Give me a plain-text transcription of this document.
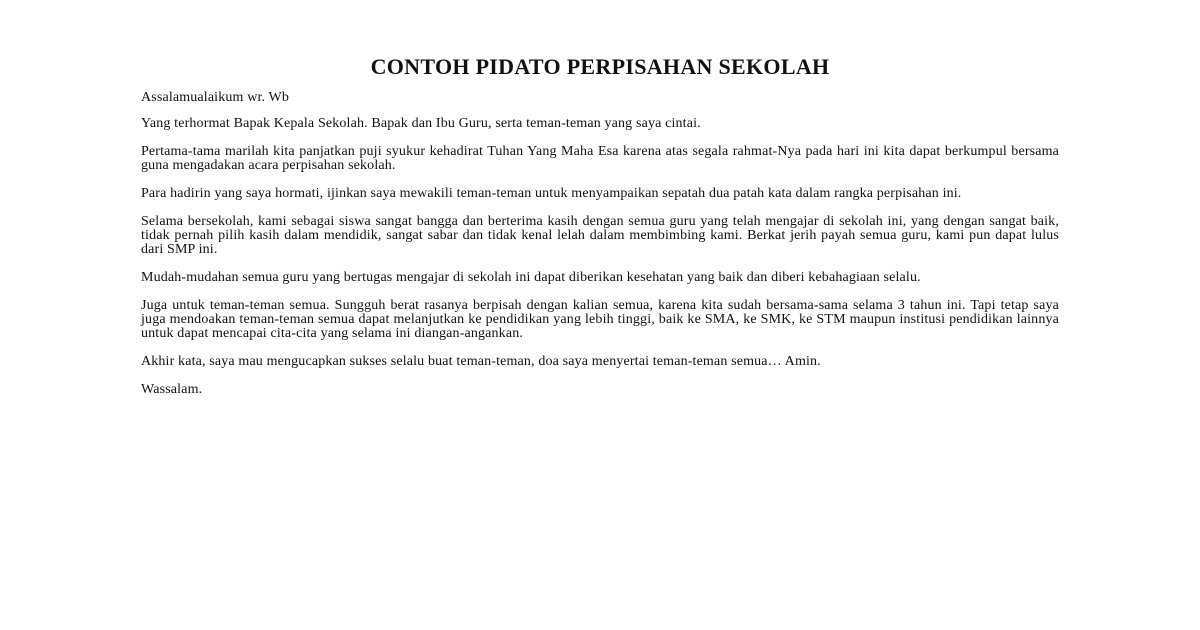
CONTOH PIDATO PERPISAHAN SEKOLAH

Assalamualaikum wr. Wb

Yang terhormat Bapak Kepala Sekolah. Bapak dan Ibu Guru, serta teman-teman yang saya cintai.

Pertama-tama marilah kita panjatkan puji syukur kehadirat Tuhan Yang Maha Esa karena atas segala rahmat-Nya pada hari ini kita dapat berkumpul bersama guna mengadakan acara perpisahan sekolah.

Para hadirin yang saya hormati, ijinkan saya mewakili teman-teman untuk menyampaikan sepatah dua patah kata dalam rangka perpisahan ini.

Selama bersekolah, kami sebagai siswa sangat bangga dan berterima kasih dengan semua guru yang telah mengajar di sekolah ini, yang dengan sangat baik, tidak pernah pilih kasih dalam mendidik, sangat sabar dan tidak kenal lelah dalam membimbing kami. Berkat jerih payah semua guru, kami pun dapat lulus dari SMP ini.

Mudah-mudahan semua guru yang bertugas mengajar di sekolah ini dapat diberikan kesehatan yang baik dan diberi kebahagiaan selalu.

Juga untuk teman-teman semua. Sungguh berat rasanya berpisah dengan kalian semua, karena kita sudah bersama-sama selama 3 tahun ini. Tapi tetap saya juga mendoakan teman-teman semua dapat melanjutkan ke pendidikan yang lebih tinggi, baik ke SMA, ke SMK, ke STM maupun institusi pendidikan lainnya untuk dapat mencapai cita-cita yang selama ini diangan-angankan.

Akhir kata, saya mau mengucapkan sukses selalu buat teman-teman, doa saya menyertai teman-teman semua… Amin.

Wassalam.
